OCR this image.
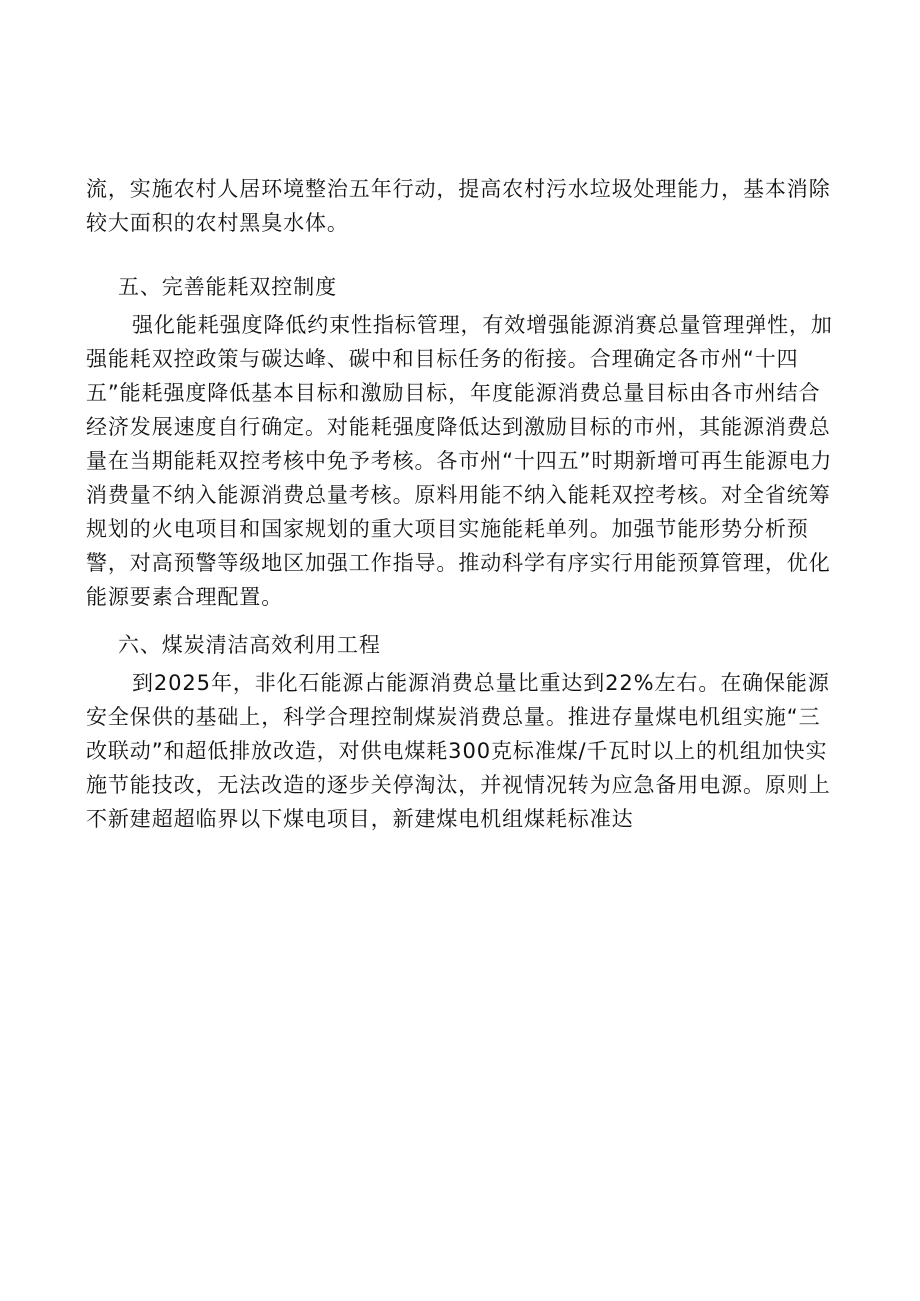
流，实施农村人居环境整治五年行动，提高农村污水垃圾处理能力，基本消除较大面积的农村黑臭水体。

五、完善能耗双控制度

强化能耗强度降低约束性指标管理，有效增强能源消赛总量管理弹性，加强能耗双控政策与碳达峰、碳中和目标任务的衔接。合理确定各市州“十四五”能耗强度降低基本目标和激励目标，年度能源消费总量目标由各市州结合经济发展速度自行确定。对能耗强度降低达到激励目标的市州，其能源消费总量在当期能耗双控考核中免予考核。各市州“十四五”时期新增可再生能源电力消费量不纳入能源消费总量考核。原料用能不纳入能耗双控考核。对全省统筹规划的火电项目和国家规划的重大项目实施能耗单列。加强节能形势分析预警，对高预警等级地区加强工作指导。推动科学有序实行用能预算管理，优化能源要素合理配置。

六、煤炭清洁高效利用工程

到2025年，非化石能源占能源消费总量比重达到22%左右。在确保能源安全保供的基础上，科学合理控制煤炭消费总量。推进存量煤电机组实施“三改联动”和超低排放改造，对供电煤耗300克标准煤/千瓦时以上的机组加快实施节能技改，无法改造的逐步关停淘汰，并视情况转为应急备用电源。原则上不新建超超临界以下煤电项目，新建煤电机组煤耗标准达
